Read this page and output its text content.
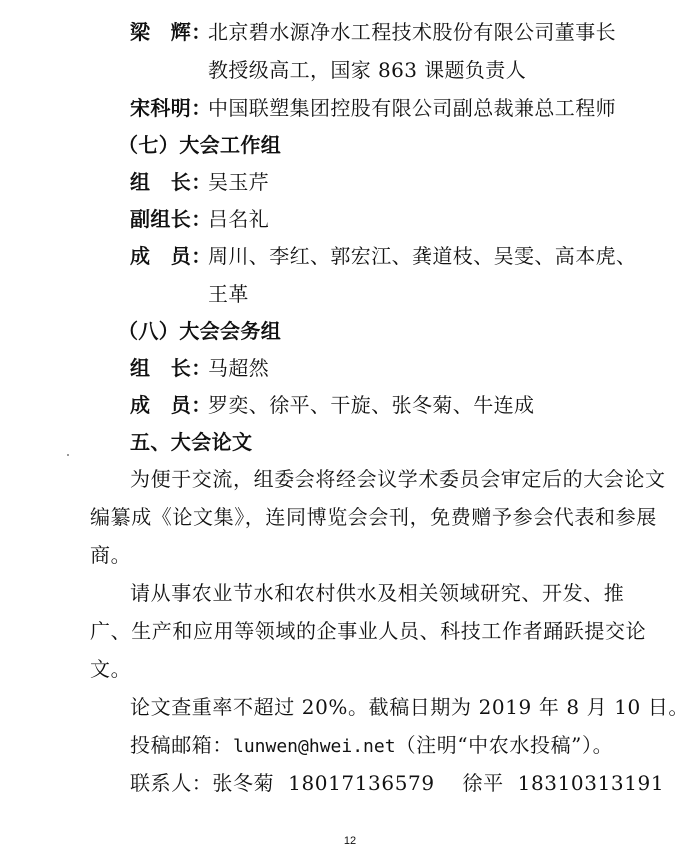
梁　辉：
北京碧水源净水工程技术股份有限公司董事长
教授级高工，国家 863 课题负责人
宋科明：
中国联塑集团控股有限公司副总裁兼总工程师
（七）大会工作组
组　长：
吴玉芹
副组长：
吕名礼
成　员：
周川、李红、郭宏江、龚道枝、吴雯、高本虎、
王革
（八）大会会务组
组　长：
马超然
成　员：
罗奕、徐平、干旋、张冬菊、牛连成
五、大会论文
为便于交流，组委会将经会议学术委员会审定后的大会论文
编纂成《论文集》，连同博览会会刊，免费赠予参会代表和参展
商。
请从事农业节水和农村供水及相关领域研究、开发、推
广、生产和应用等领域的企事业人员、科技工作者踊跃提交论
文。
论文查重率不超过 20%。截稿日期为 2019 年 8 月 10 日。
投稿邮箱：lunwen@hwei.net（注明“中农水投稿”）。
联系人：张冬菊  18017136579    徐平  18310313191
12
